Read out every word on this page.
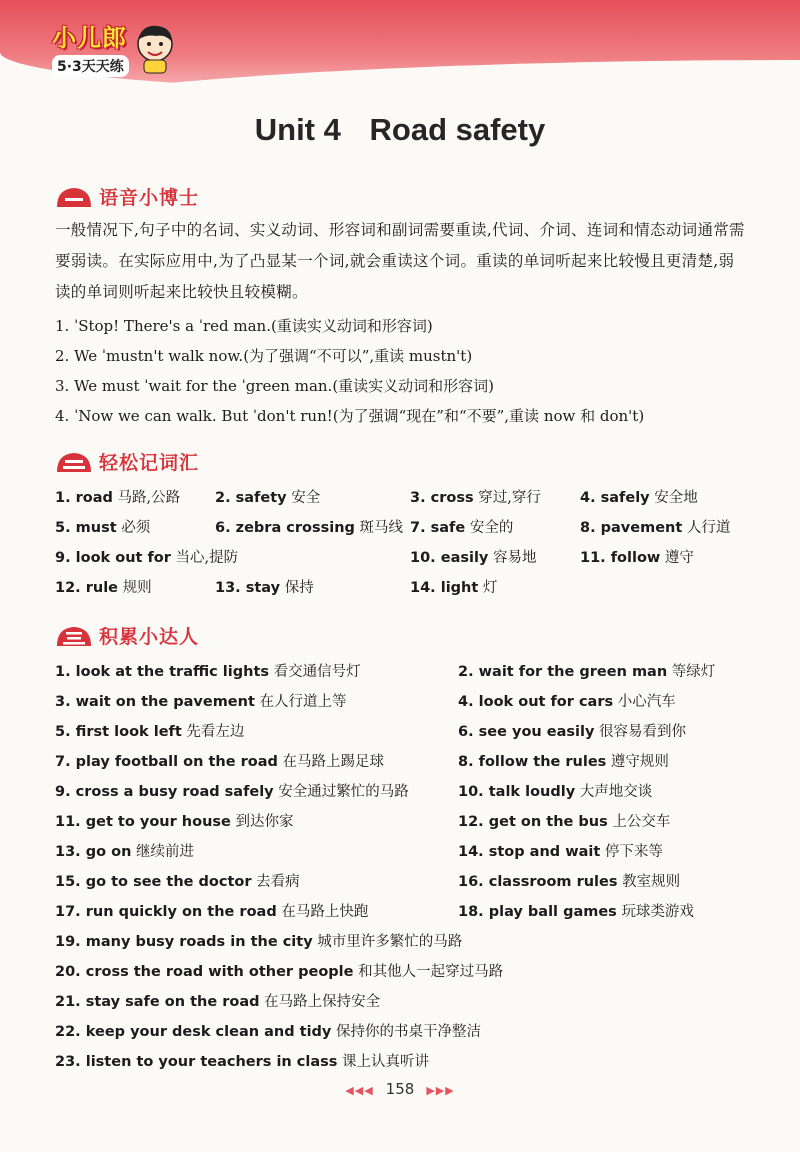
小儿郎
5·3天天练
Unit 4 Road safety
语音小博士
一般情况下,句子中的名词、实义动词、形容词和副词需要重读,代词、介词、连词和情态动词通常需要弱读。在实际应用中,为了凸显某一个词,就会重读这个词。重读的单词听起来比较慢且更清楚,弱读的单词则听起来比较快且较模糊。
1. ˈStop! There's a ˈred man.(重读实义动词和形容词)
2. We ˈmustn't walk now.(为了强调“不可以”,重读 mustn't)
3. We must ˈwait for the ˈgreen man.(重读实义动词和形容词)
4. ˈNow we can walk. But ˈdon't run!(为了强调“现在”和“不要”,重读 now 和 don't)
轻松记词汇
1. road 马路,公路 2. safety 安全	3. cross 穿过,穿行	4. safely 安全地
5. must 必须	6. zebra crossing 斑马线 7. safe 安全的	8. pavement 人行道
9. look out for 当心,提防	10. easily 容易地	11. follow 遵守
12. rule 规则	13. stay 保持	14. light 灯
积累小达人
1. look at the traffic lights 看交通信号灯	2. wait for the green man 等绿灯
3. wait on the pavement 在人行道上等	4. look out for cars 小心汽车
5. first look left 先看左边	6. see you easily 很容易看到你
7. play football on the road 在马路上踢足球	8. follow the rules 遵守规则
9. cross a busy road safely 安全通过繁忙的马路	10. talk loudly 大声地交谈
11. get to your house 到达你家	12. get on the bus 上公交车
13. go on 继续前进	14. stop and wait 停下来等
15. go to see the doctor 去看病	16. classroom rules 教室规则
17. run quickly on the road 在马路上快跑	18. play ball games 玩球类游戏
19. many busy roads in the city 城市里许多繁忙的马路
20. cross the road with other people 和其他人一起穿过马路
21. stay safe on the road 在马路上保持安全
22. keep your desk clean and tidy 保持你的书桌干净整洁
23. listen to your teachers in class 课上认真听讲
◀◀◀ 158 ▶▶▶
